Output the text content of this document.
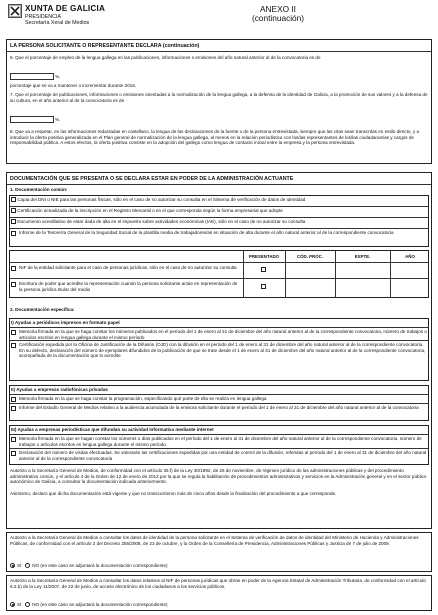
XUNTA DE GALICIA
PRESIDENCIA
Secretaría Xeral de Medios
ANEXO II
(continuación)
LA PERSONA SOLICITANTE O REPRESENTANTE DECLARA (continuación)
6. Que el porcentaje de empleo de la lengua gallega en las publicaciones, informaciones o emisiones del año natural anterior al de la convocatoria es de
%,
porcentaje que se va a mantener o incrementar durante 2016.
7. Que el porcentaje de publicaciones, informaciones o emisiones orientadas a la normalización de la lengua gallega, a la defensa de la identidad de Galicia, a la promoción de sus valores y a la defensa de su cultura, en el año anterior al de la convocatoria es de
%.
8. Que va a respetar, en las informaciones redactadas en castellano, la lengua de las declaraciones de la fuente o de la persona entrevistada, siempre que las citas sean transcritas en estilo directo, y a introducir la oferta positiva generalizada en el Plan general de normalización de la lengua gallega, al menos en la relación periodística con los/las representantes de los/las ciudadanos/as y cargos de responsabilidad pública. A estos efectos, la oferta positiva consiste en la adopción del gallego como lengua de contacto inicial entre la empresa y la persona entrevistada.
DOCUMENTACIÓN QUE SE PRESENTA O SE DECLARA ESTAR EN PODER DE LA ADMINISTRACIÓN ACTUANTE
1. Documentación común:
Copia del DNI o NIE para las personas físicas, sólo en el caso de no autorizar su consulta en el Sistema de verificación de datos de identidad
Certificación actualizada de la inscripción en el Registro Mercantil o en el que corresponda según la forma empresarial que adopte
Documento acreditativo de estar dada de alta en el impuesto sobre actividades económicas (IAE), sólo en el caso de no autorizar su consulta
Informe de la Tesorería General de la Seguridad Social de la plantilla media de trabajadores/as en situación de alta durante el año natural anterior al de la correspondiente convocatoria
PRESENTADO	CÓD. PROC.	EXPTE.	AÑO
NIF de la entidad solicitante para el caso de personas jurídicas, sólo en el caso de no autorizar su consulta
Escritura de poder que acredite la representación cuando la persona solicitante actúe en representación de la persona jurídica titular del medio
2. Documentación específica:
I) Ayudas a periódicos impresos en formato papel
Memoria firmada en la que se haga constar los números publicados en el período del 1 de enero al 31 de diciembre del año natural anterior al de la correspondiente convocatoria, número de trabajos o artículos escritos en lengua gallega durante el mismo período
Certificación expedida por la Oficina de Justificación de la Difusión (OJD) con la difusión en el período del 1 de enero al 31 de diciembre del año natural anterior al de la correspondiente convocatoria. En su defecto, declaración del número de ejemplares difundidos de la publicación de que se trate desde el 1 de enero al 31 de diciembre del año natural anterior al de la correspondiente convocatoria, acompañada de la documentación que lo acredite
II) Ayudas a empresas radiofónicas privadas
Memoria firmada en la que se haga constar la programación, especificando qué parte de ella se realiza en lengua gallega
Informe del Estudio General de Medios relativo a la audiencia acumulada de la emisora solicitante durante el período del 1 de enero al 31 de diciembre del año natural anterior al de la convocatoria
III) Ayudas a empresas periodísticas que difundan su actividad informativa mediante internet
Memoria firmada en la que se hagan constar los números o días publicados en el período del 1 de enero al 31 de diciembre del año natural anterior al de la correspondiente convocatoria, número de trabajos o artículos escritos en lengua gallega durante el mismo período
Declaración del número de visitas efectuadas. Se valorarán las certificaciones expedidas por una entidad de control de la difusión, referidas al período del 1 de enero al 31 de diciembre del año natural anterior al de la correspondiente convocatoria
Autorizo a la Secretaría General de Medios, de conformidad con el artículo 35.f) de la Ley 30/1992, de 26 de noviembre, de régimen jurídico de las administraciones públicas y del procedimiento administrativo común, y el artículo 4 de la Orden de 12 de enero de 2012 por la que se regula la habilitación de procedimientos administrativos y servicios en la Administración general y en el sector público autonómico de Galicia, a consultar la documentación indicada anteriormente.
Asimismo, declaro que dicha documentación está vigente y que no transcurrieron más de cinco años desde la finalización del procedimiento a que corresponde.
Autorizo a la Secretaría General de Medios a consultar los datos de identidad de la persona solicitante en el Sistema de verificación de datos de identidad del Ministerio de Hacienda y Administraciones Públicas, de conformidad con el artículo 2 del Decreto 255/2008, de 23 de octubre, y la Orden de la Consellería de Presidencia, Administraciones Públicas y Justicia de 7 de julio de 2009.
SÍ NO (en este caso se adjuntará la documentación correspondiente)
Autorizo a la Secretaría General de Medios a consultar los datos relativos al NIF de personas jurídicas que obran en poder de la Agencia Estatal de Administración Tributaria, de conformidad con el artículo 6.2.b) de la Ley 11/2007, de 22 de junio, de acceso electrónico de los ciudadanos a los servicios públicos.
SÍ NO (en este caso se adjuntará la documentación correspondiente)
